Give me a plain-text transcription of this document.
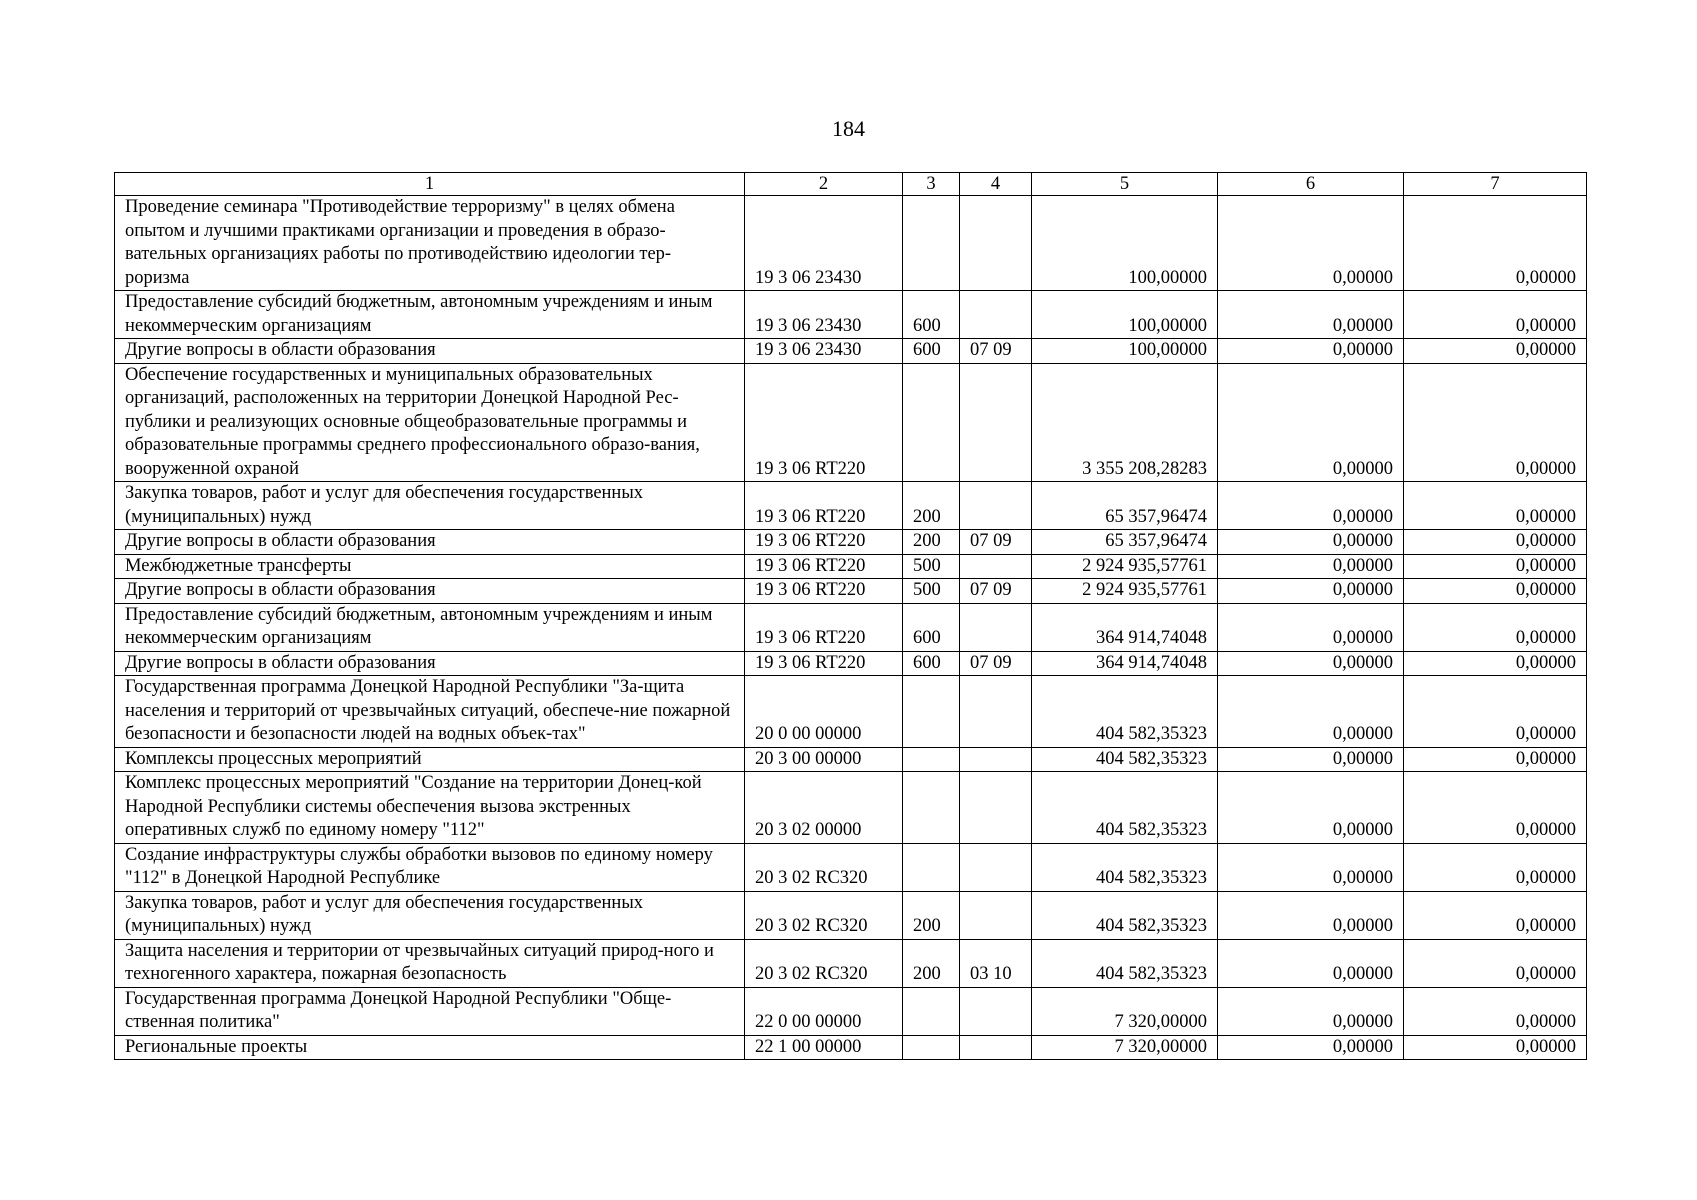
184
1	2	3	4	5	6	7
Проведение семинара "Противодействие терроризму" в целях обмена опытом и лучшими практиками организации и проведения в образо-вательных организациях работы по противодействию идеологии тер-роризма	19 3 06 23430			100,00000	0,00000	0,00000
Предоставление субсидий бюджетным, автономным учреждениям и иным некоммерческим организациям	19 3 06 23430	600		100,00000	0,00000	0,00000
Другие вопросы в области образования	19 3 06 23430	600	07 09	100,00000	0,00000	0,00000
Обеспечение государственных и муниципальных образовательных организаций, расположенных на территории Донецкой Народной Рес-публики и реализующих основные общеобразовательные программы и образовательные программы среднего профессионального образо-вания, вооруженной охраной	19 3 06 RT220			3 355 208,28283	0,00000	0,00000
Закупка товаров, работ и услуг для обеспечения государственных (муниципальных) нужд	19 3 06 RT220	200		65 357,96474	0,00000	0,00000
Другие вопросы в области образования	19 3 06 RT220	200	07 09	65 357,96474	0,00000	0,00000
Межбюджетные трансферты	19 3 06 RT220	500		2 924 935,57761	0,00000	0,00000
Другие вопросы в области образования	19 3 06 RT220	500	07 09	2 924 935,57761	0,00000	0,00000
Предоставление субсидий бюджетным, автономным учреждениям и иным некоммерческим организациям	19 3 06 RT220	600		364 914,74048	0,00000	0,00000
Другие вопросы в области образования	19 3 06 RT220	600	07 09	364 914,74048	0,00000	0,00000
Государственная программа Донецкой Народной Республики "За-щита населения и территорий от чрезвычайных ситуаций, обеспече-ние пожарной безопасности и безопасности людей на водных объек-тах"	20 0 00 00000			404 582,35323	0,00000	0,00000
Комплексы процессных мероприятий	20 3 00 00000			404 582,35323	0,00000	0,00000
Комплекс процессных мероприятий "Создание на территории Донец-кой Народной Республики системы обеспечения вызова экстренных оперативных служб по единому номеру "112"	20 3 02 00000			404 582,35323	0,00000	0,00000
Создание инфраструктуры службы обработки вызовов по единому номеру "112" в Донецкой Народной Республике	20 3 02 RC320			404 582,35323	0,00000	0,00000
Закупка товаров, работ и услуг для обеспечения государственных (муниципальных) нужд	20 3 02 RC320	200		404 582,35323	0,00000	0,00000
Защита населения и территории от чрезвычайных ситуаций природ-ного и техногенного характера, пожарная безопасность	20 3 02 RC320	200	03 10	404 582,35323	0,00000	0,00000
Государственная программа Донецкой Народной Республики "Обще-ственная политика"	22 0 00 00000			7 320,00000	0,00000	0,00000
Региональные проекты	22 1 00 00000			7 320,00000	0,00000	0,00000
